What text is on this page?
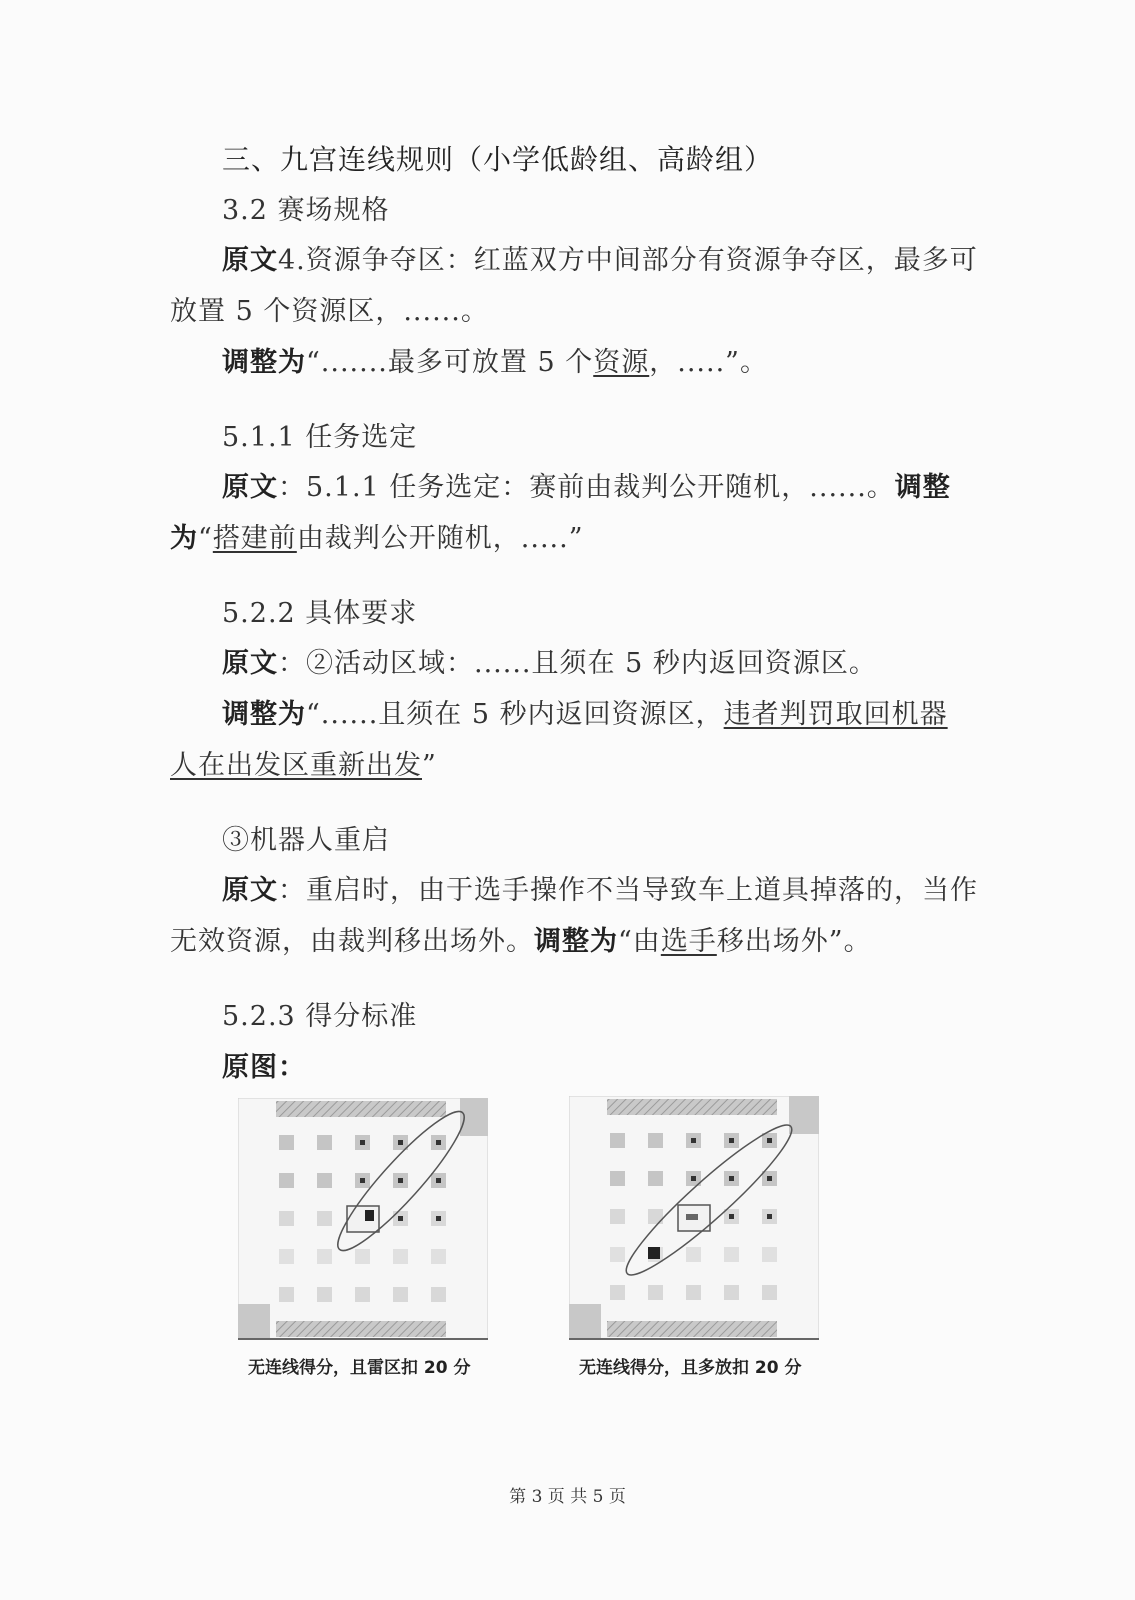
三、九宫连线规则（小学低龄组、高龄组）
3.2 赛场规格
原文4.资源争夺区：红蓝双方中间部分有资源争夺区，最多可
放置 5 个资源区，......。
调整为“.......最多可放置 5 个资源，.....”。
5.1.1 任务选定
原文：5.1.1 任务选定：赛前由裁判公开随机，......。调整
为“搭建前由裁判公开随机，.....”
5.2.2 具体要求
原文：②活动区域：......且须在 5 秒内返回资源区。
调整为“......且须在 5 秒内返回资源区，违者判罚取回机器
人在出发区重新出发”
③机器人重启
原文：重启时，由于选手操作不当导致车上道具掉落的，当作
无效资源，由裁判移出场外。调整为“由选手移出场外”。
5.2.3 得分标准
原图：
无连线得分，且雷区扣 20 分	无连线得分，且多放扣 20 分
第 3 页 共 5 页
